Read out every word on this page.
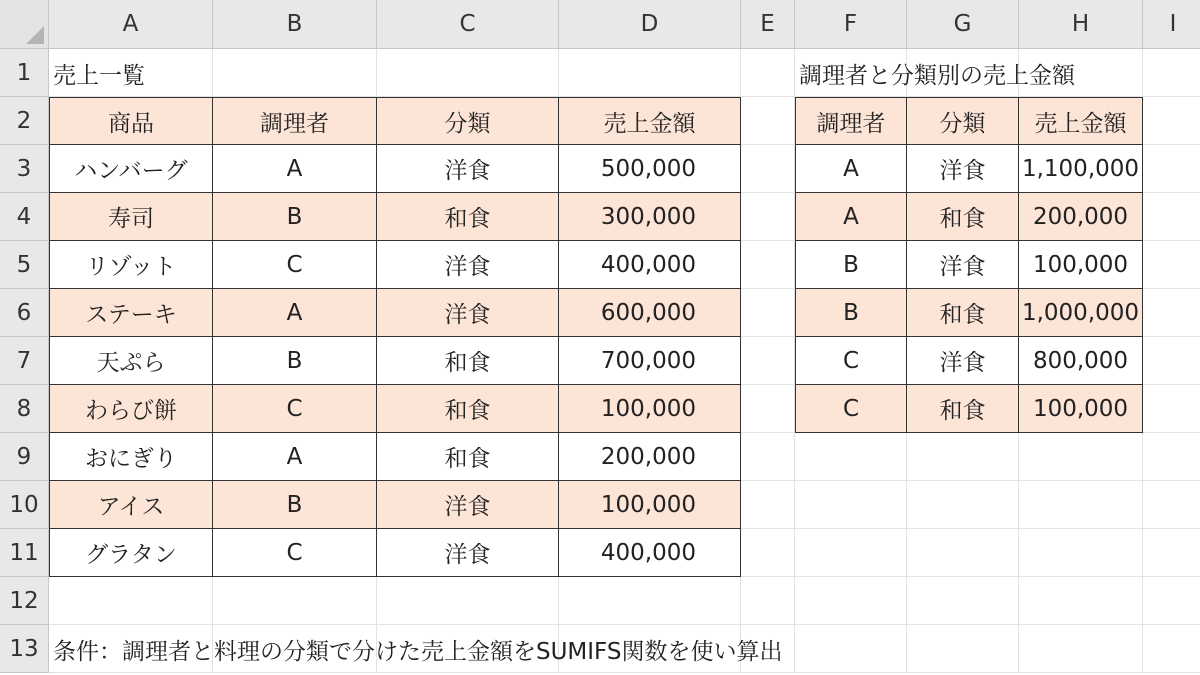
A	B	C	D	E	F	G	H	I
1
2
3
4
5
6
7
8
9
10
11
12
13
売上一覧	調理者と分類別の売上金額
商品	調理者	分類	売上金額
ハンバーグ	A	洋食	500,000
寿司	B	和食	300,000
リゾット	C	洋食	400,000
ステーキ	A	洋食	600,000
天ぷら	B	和食	700,000
わらび餅	C	和食	100,000
おにぎり	A	和食	200,000
アイス	B	洋食	100,000
グラタン	C	洋食	400,000
調理者	分類	売上金額
A	洋食	1,100,000
A	和食	200,000
B	洋食	100,000
B	和食	1,000,000
C	洋食	800,000
C	和食	100,000
条件：調理者と料理の分類で分けた売上金額をSUMIFS関数を使い算出
